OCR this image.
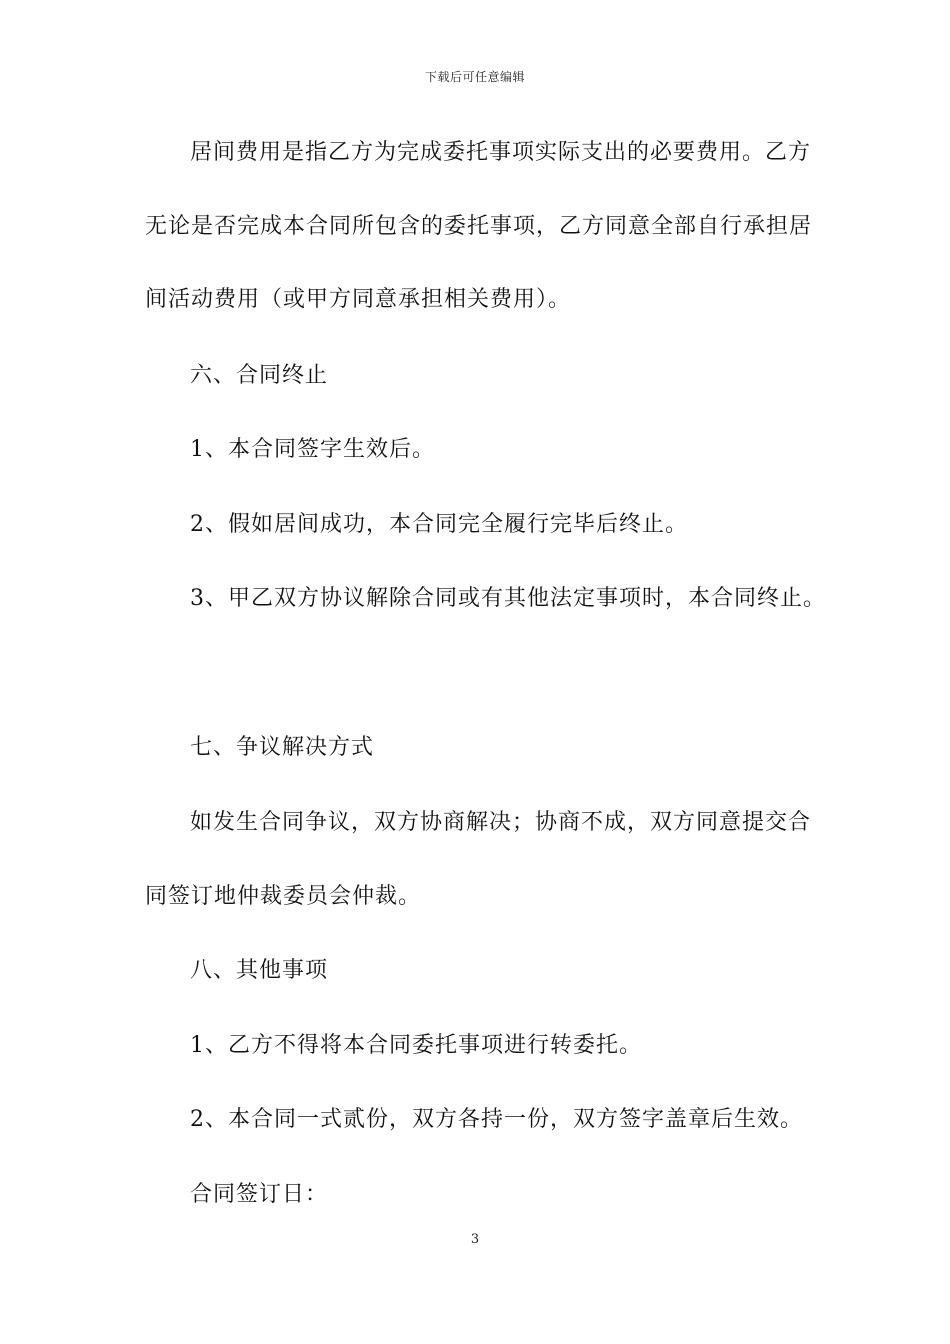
下载后可任意编辑
居间费用是指乙方为完成委托事项实际支出的必要费用。乙方
无论是否完成本合同所包含的委托事项，乙方同意全部自行承担居
间活动费用（或甲方同意承担相关费用）。
六、合同终止
1、本合同签字生效后。
2、假如居间成功，本合同完全履行完毕后终止。
3、甲乙双方协议解除合同或有其他法定事项时，本合同终止。
七、争议解决方式
如发生合同争议，双方协商解决；协商不成，双方同意提交合
同签订地仲裁委员会仲裁。
八、其他事项
1、乙方不得将本合同委托事项进行转委托。
2、本合同一式贰份，双方各持一份，双方签字盖章后生效。
合同签订日：
3
